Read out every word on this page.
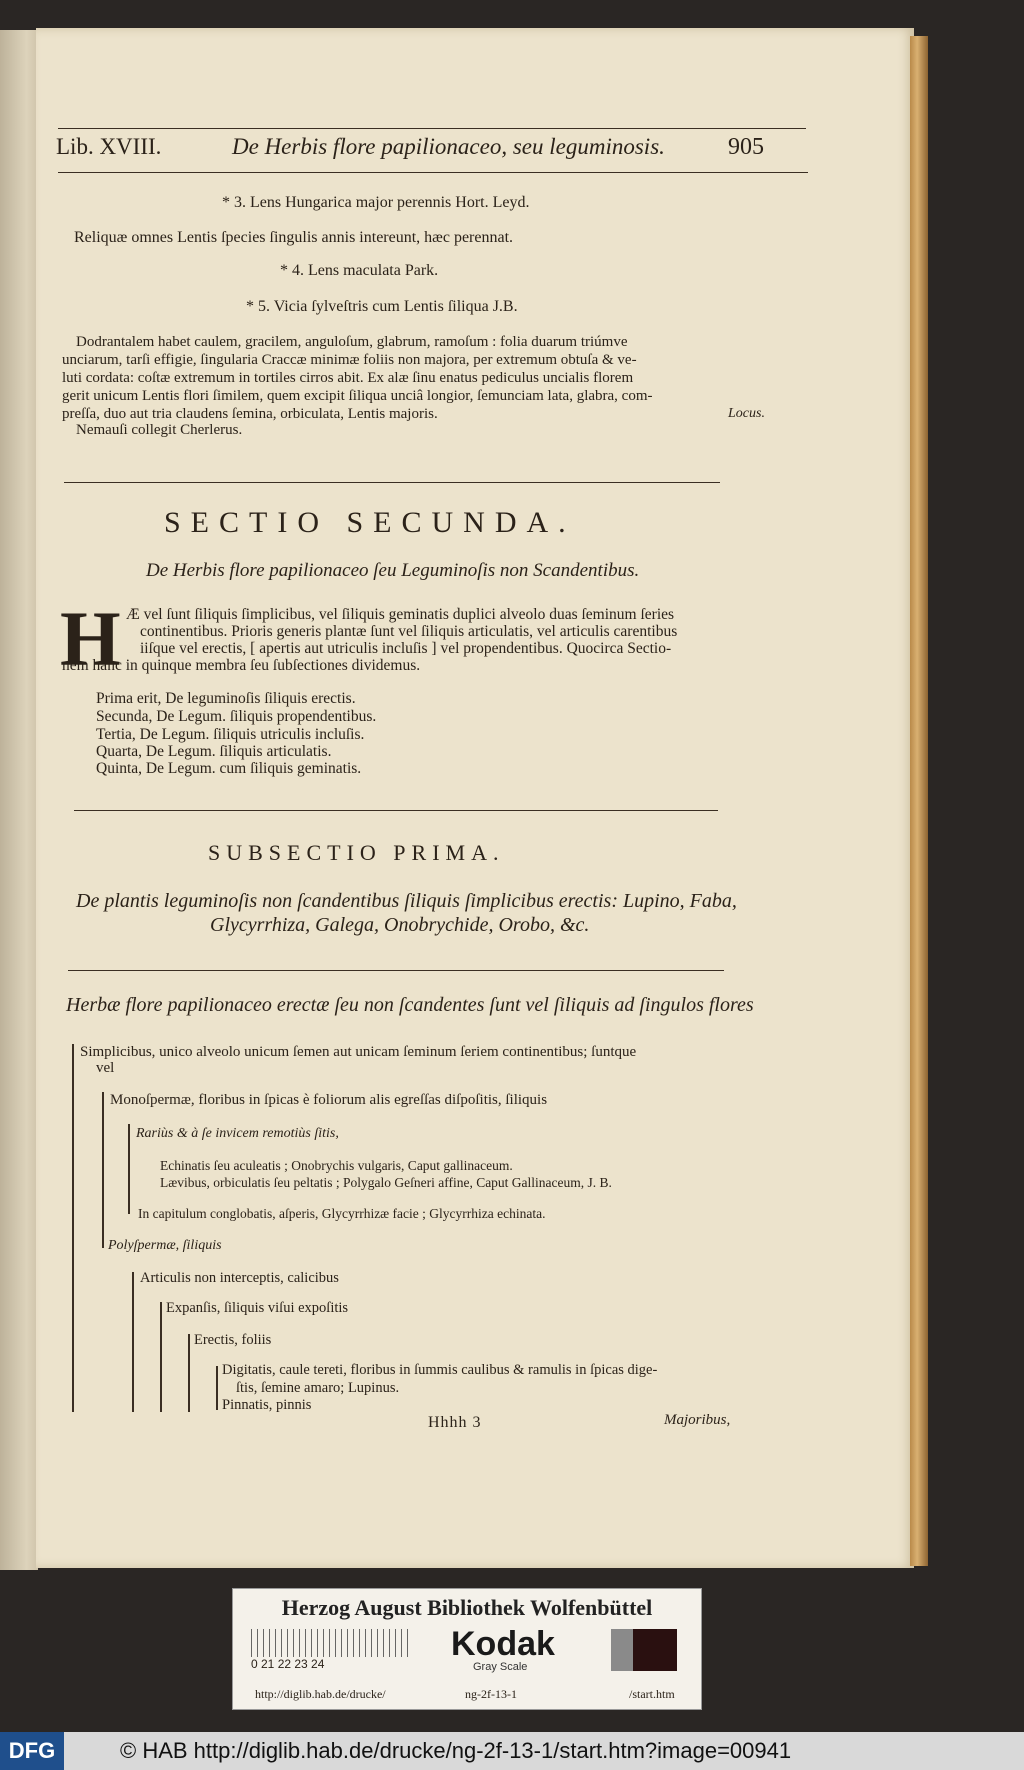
Lib. XVIII.	De Herbis flore papilionaceo, seu leguminosis.	905
* 3. Lens Hungarica major perennis Hort. Leyd.
Reliquæ omnes Lentis ſpecies ſingulis annis intereunt, hæc perennat.
* 4. Lens maculata Park.
* 5. Vicia ſylveſtris cum Lentis ſiliqua J.B.
Dodrantalem habet caulem, gracilem, anguloſum, glabrum, ramoſum : folia duarum triúmve
unciarum, tarſi effigie, ſingularia Craccæ minimæ foliis non majora, per extremum obtuſa & ve-
luti cordata: coſtæ extremum in tortiles cirros abit. Ex alæ ſinu enatus pediculus uncialis florem
gerit unicum Lentis flori ſimilem, quem excipit ſiliqua unciâ longior, ſemunciam lata, glabra, com-
preſſa, duo aut tria claudens ſemina, orbiculata, Lentis majoris.
Nemauſi collegit Cherlerus.
Locus.
SECTIO SECUNDA.
De Herbis flore papilionaceo ſeu Leguminoſis non Scandentibus.
H Æ vel ſunt ſiliquis ſimplicibus, vel ſiliquis geminatis duplici alveolo duas ſeminum ſeries
continentibus. Prioris generis plantæ ſunt vel ſiliquis articulatis, vel articulis carentibus
iiſque vel erectis, [ apertis aut utriculis incluſis ] vel propendentibus. Quocirca Sectio-
nem hanc in quinque membra ſeu ſubſectiones dividemus.
Prima erit, De leguminoſis ſiliquis erectis.
Secunda, De Legum. ſiliquis propendentibus.
Tertia, De Legum. ſiliquis utriculis incluſis.
Quarta, De Legum. ſiliquis articulatis.
Quinta, De Legum. cum ſiliquis geminatis.
SUBSECTIO PRIMA.
De plantis leguminoſis non ſcandentibus ſiliquis ſimplicibus erectis: Lupino, Faba,
Glycyrrhiza, Galega, Onobrychide, Orobo, &c.
Herbæ flore papilionaceo erectæ ſeu non ſcandentes ſunt vel ſiliquis ad ſingulos flores
Simplicibus, unico alveolo unicum ſemen aut unicam ſeminum ſeriem continentibus; ſuntque
vel
Monoſpermæ, floribus in ſpicas è foliorum alis egreſſas diſpoſitis, ſiliquis
Rariùs & à ſe invicem remotiùs ſitis,
Echinatis ſeu aculeatis ; Onobrychis vulgaris, Caput gallinaceum.
Lævibus, orbiculatis ſeu peltatis ; Polygalo Geſneri affine, Caput Gallinaceum, J. B.
In capitulum conglobatis, aſperis, Glycyrrhizæ facie ; Glycyrrhiza echinata.
Polyſpermæ, ſiliquis
Articulis non interceptis, calicibus
Expanſis, ſiliquis viſui expoſitis
Erectis, foliis
Digitatis, caule tereti, floribus in ſummis caulibus & ramulis in ſpicas dige-
ſtis, ſemine amaro; Lupinus.
Pinnatis, pinnis
Hhhh 3	Majoribus,
Herzog August Bibliothek Wolfenbüttel
0 21 22 23 24
Kodak
Gray Scale
http://diglib.hab.de/drucke/	ng-2f-13-1	/start.htm
DFG	© HAB http://diglib.hab.de/drucke/ng-2f-13-1/start.htm?image=00941
